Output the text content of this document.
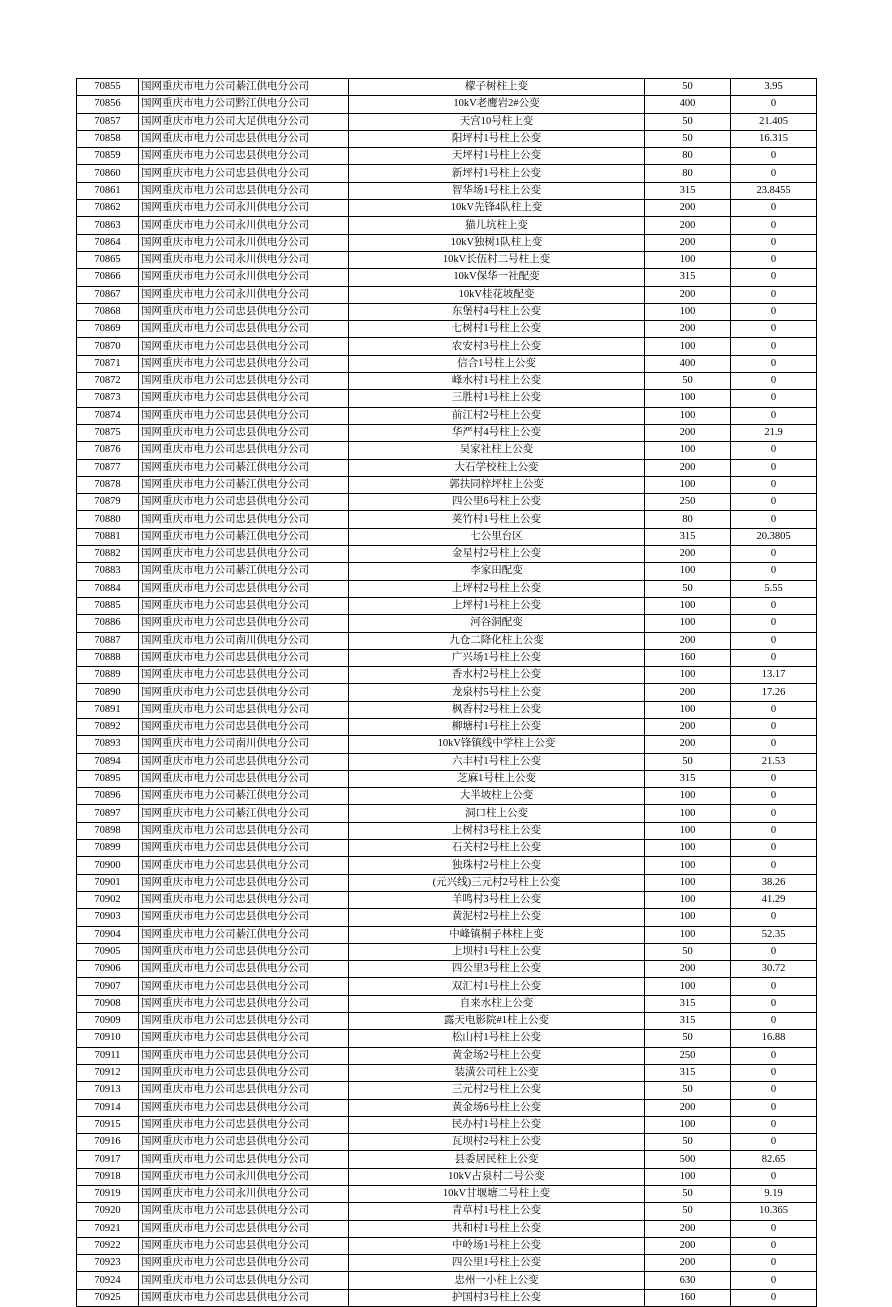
70855	国网重庆市电力公司綦江供电分公司	檬子树柱上变	50	3.95
70856	国网重庆市电力公司黔江供电分公司	10kV老鹰岩2#公变	400	0
70857	国网重庆市电力公司大足供电分公司	天宫10号柱上变	50	21.405
70858	国网重庆市电力公司忠县供电分公司	阳坪村1号柱上公变	50	16.315
70859	国网重庆市电力公司忠县供电分公司	天坪村1号柱上公变	80	0
70860	国网重庆市电力公司忠县供电分公司	新坪村1号柱上公变	80	0
70861	国网重庆市电力公司忠县供电分公司	智华场1号柱上公变	315	23.8455
70862	国网重庆市电力公司永川供电分公司	10kV先锋4队柱上变	200	0
70863	国网重庆市电力公司永川供电分公司	猫儿坑柱上变	200	0
70864	国网重庆市电力公司永川供电分公司	10kV独树1队柱上变	200	0
70865	国网重庆市电力公司永川供电分公司	10kV长伍村二号柱上变	100	0
70866	国网重庆市电力公司永川供电分公司	10kV保华一社配变	315	0
70867	国网重庆市电力公司永川供电分公司	10kV桂花坡配变	200	0
70868	国网重庆市电力公司忠县供电分公司	东堡村4号柱上公变	100	0
70869	国网重庆市电力公司忠县供电分公司	七树村1号柱上公变	200	0
70870	国网重庆市电力公司忠县供电分公司	农安村3号柱上公变	100	0
70871	国网重庆市电力公司忠县供电分公司	信合1号柱上公变	400	0
70872	国网重庆市电力公司忠县供电分公司	峰水村1号柱上公变	50	0
70873	国网重庆市电力公司忠县供电分公司	三胜村1号柱上公变	100	0
70874	国网重庆市电力公司忠县供电分公司	前江村2号柱上公变	100	0
70875	国网重庆市电力公司忠县供电分公司	华严村4号柱上公变	200	21.9
70876	国网重庆市电力公司忠县供电分公司	吴家社柱上公变	100	0
70877	国网重庆市电力公司綦江供电分公司	大石学校柱上公变	200	0
70878	国网重庆市电力公司綦江供电分公司	郭扶同梓坪柱上公变	100	0
70879	国网重庆市电力公司忠县供电分公司	四公里6号柱上公变	250	0
70880	国网重庆市电力公司忠县供电分公司	荚竹村1号柱上公变	80	0
70881	国网重庆市电力公司綦江供电分公司	七公里台区	315	20.3805
70882	国网重庆市电力公司忠县供电分公司	金星村2号柱上公变	200	0
70883	国网重庆市电力公司綦江供电分公司	李家田配变	100	0
70884	国网重庆市电力公司忠县供电分公司	上坪村2号柱上公变	50	5.55
70885	国网重庆市电力公司忠县供电分公司	上坪村1号柱上公变	100	0
70886	国网重庆市电力公司忠县供电分公司	河谷洞配变	100	0
70887	国网重庆市电力公司南川供电分公司	九仓二降化柱上公变	200	0
70888	国网重庆市电力公司忠县供电分公司	广兴场1号柱上公变	160	0
70889	国网重庆市电力公司忠县供电分公司	香水村2号柱上公变	100	13.17
70890	国网重庆市电力公司忠县供电分公司	龙泉村5号柱上公变	200	17.26
70891	国网重庆市电力公司忠县供电分公司	枫香村2号柱上公变	100	0
70892	国网重庆市电力公司忠县供电分公司	柳塘村1号柱上公变	200	0
70893	国网重庆市电力公司南川供电分公司	10kV锋镇线中学柱上公变	200	0
70894	国网重庆市电力公司忠县供电分公司	六丰村1号柱上公变	50	21.53
70895	国网重庆市电力公司忠县供电分公司	芝麻1号柱上公变	315	0
70896	国网重庆市电力公司綦江供电分公司	大半坡柱上公变	100	0
70897	国网重庆市电力公司綦江供电分公司	洞口柱上公变	100	0
70898	国网重庆市电力公司忠县供电分公司	上树村3号柱上公变	100	0
70899	国网重庆市电力公司忠县供电分公司	石关村2号柱上公变	100	0
70900	国网重庆市电力公司忠县供电分公司	独珠村2号柱上公变	100	0
70901	国网重庆市电力公司忠县供电分公司	(元兴线)三元村2号柱上公变	100	38.26
70902	国网重庆市电力公司忠县供电分公司	羊鸣村3号柱上公变	100	41.29
70903	国网重庆市电力公司忠县供电分公司	黄泥村2号柱上公变	100	0
70904	国网重庆市电力公司綦江供电分公司	中峰镇桐子林柱上变	100	52.35
70905	国网重庆市电力公司忠县供电分公司	上坝村1号柱上公变	50	0
70906	国网重庆市电力公司忠县供电分公司	四公里3号柱上公变	200	30.72
70907	国网重庆市电力公司忠县供电分公司	双汇村1号柱上公变	100	0
70908	国网重庆市电力公司忠县供电分公司	自来水柱上公变	315	0
70909	国网重庆市电力公司忠县供电分公司	露天电影院#1柱上公变	315	0
70910	国网重庆市电力公司忠县供电分公司	松山村1号柱上公变	50	16.88
70911	国网重庆市电力公司忠县供电分公司	黄金场2号柱上公变	250	0
70912	国网重庆市电力公司忠县供电分公司	装潢公司柱上公变	315	0
70913	国网重庆市电力公司忠县供电分公司	三元村2号柱上公变	50	0
70914	国网重庆市电力公司忠县供电分公司	黄金场6号柱上公变	200	0
70915	国网重庆市电力公司忠县供电分公司	民办村1号柱上公变	100	0
70916	国网重庆市电力公司忠县供电分公司	瓦坝村2号柱上公变	50	0
70917	国网重庆市电力公司忠县供电分公司	县委居民柱上公变	500	82.65
70918	国网重庆市电力公司永川供电分公司	10kV占泉村二号公变	100	0
70919	国网重庆市电力公司永川供电分公司	10kV甘堰塘二号柱上变	50	9.19
70920	国网重庆市电力公司忠县供电分公司	青草村1号柱上公变	50	10.365
70921	国网重庆市电力公司忠县供电分公司	共和村1号柱上公变	200	0
70922	国网重庆市电力公司忠县供电分公司	中岭场1号柱上公变	200	0
70923	国网重庆市电力公司忠县供电分公司	四公里1号柱上公变	200	0
70924	国网重庆市电力公司忠县供电分公司	忠州一小柱上公变	630	0
70925	国网重庆市电力公司忠县供电分公司	护国村3号柱上公变	160	0
